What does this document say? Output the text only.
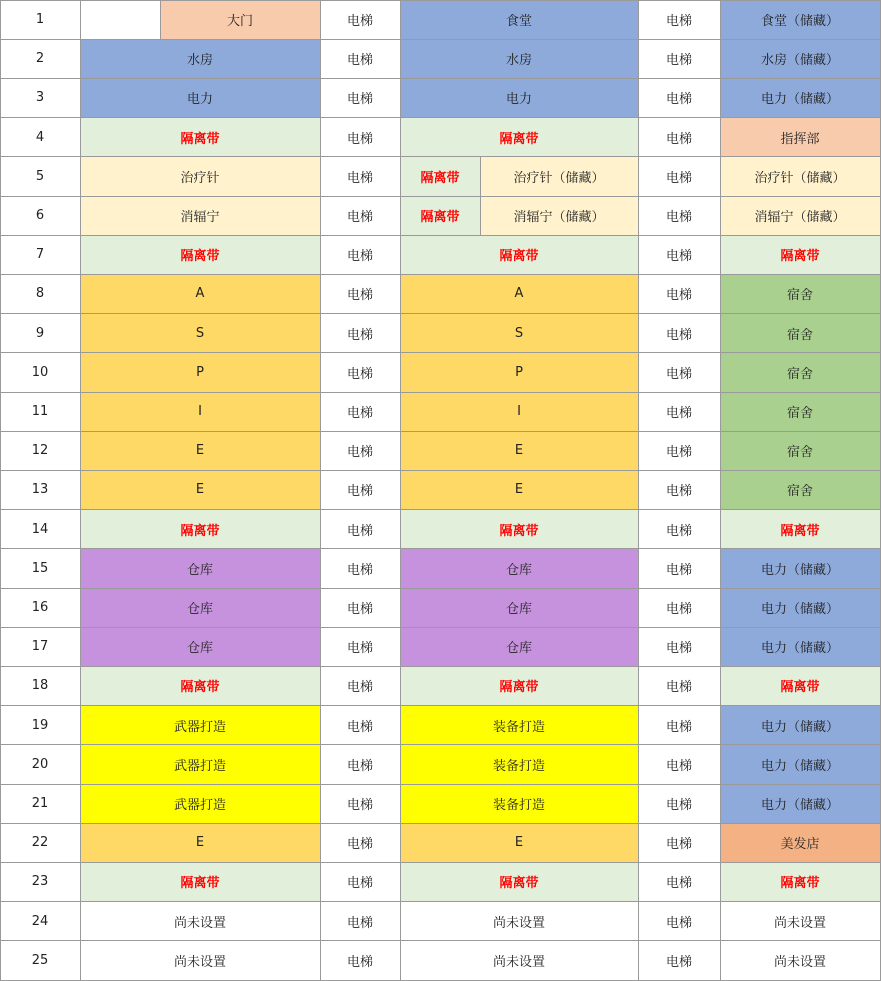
1	大门	电梯	食堂	电梯	食堂（储藏）
2	水房	电梯	水房	电梯	水房（储藏）
3	电力	电梯	电力	电梯	电力（储藏）
4	隔离带	电梯	隔离带	电梯	指挥部
5	治疗针	电梯	隔离带	治疗针（储藏）	电梯	治疗针（储藏）
6	消辐宁	电梯	隔离带	消辐宁（储藏）	电梯	消辐宁（储藏）
7	隔离带	电梯	隔离带	电梯	隔离带
8	A	电梯	A	电梯	宿舍
9	S	电梯	S	电梯	宿舍
10	P	电梯	P	电梯	宿舍
11	I	电梯	I	电梯	宿舍
12	E	电梯	E	电梯	宿舍
13	E	电梯	E	电梯	宿舍
14	隔离带	电梯	隔离带	电梯	隔离带
15	仓库	电梯	仓库	电梯	电力（储藏）
16	仓库	电梯	仓库	电梯	电力（储藏）
17	仓库	电梯	仓库	电梯	电力（储藏）
18	隔离带	电梯	隔离带	电梯	隔离带
19	武器打造	电梯	装备打造	电梯	电力（储藏）
20	武器打造	电梯	装备打造	电梯	电力（储藏）
21	武器打造	电梯	装备打造	电梯	电力（储藏）
22	E	电梯	E	电梯	美发店
23	隔离带	电梯	隔离带	电梯	隔离带
24	尚未设置	电梯	尚未设置	电梯	尚未设置
25	尚未设置	电梯	尚未设置	电梯	尚未设置
